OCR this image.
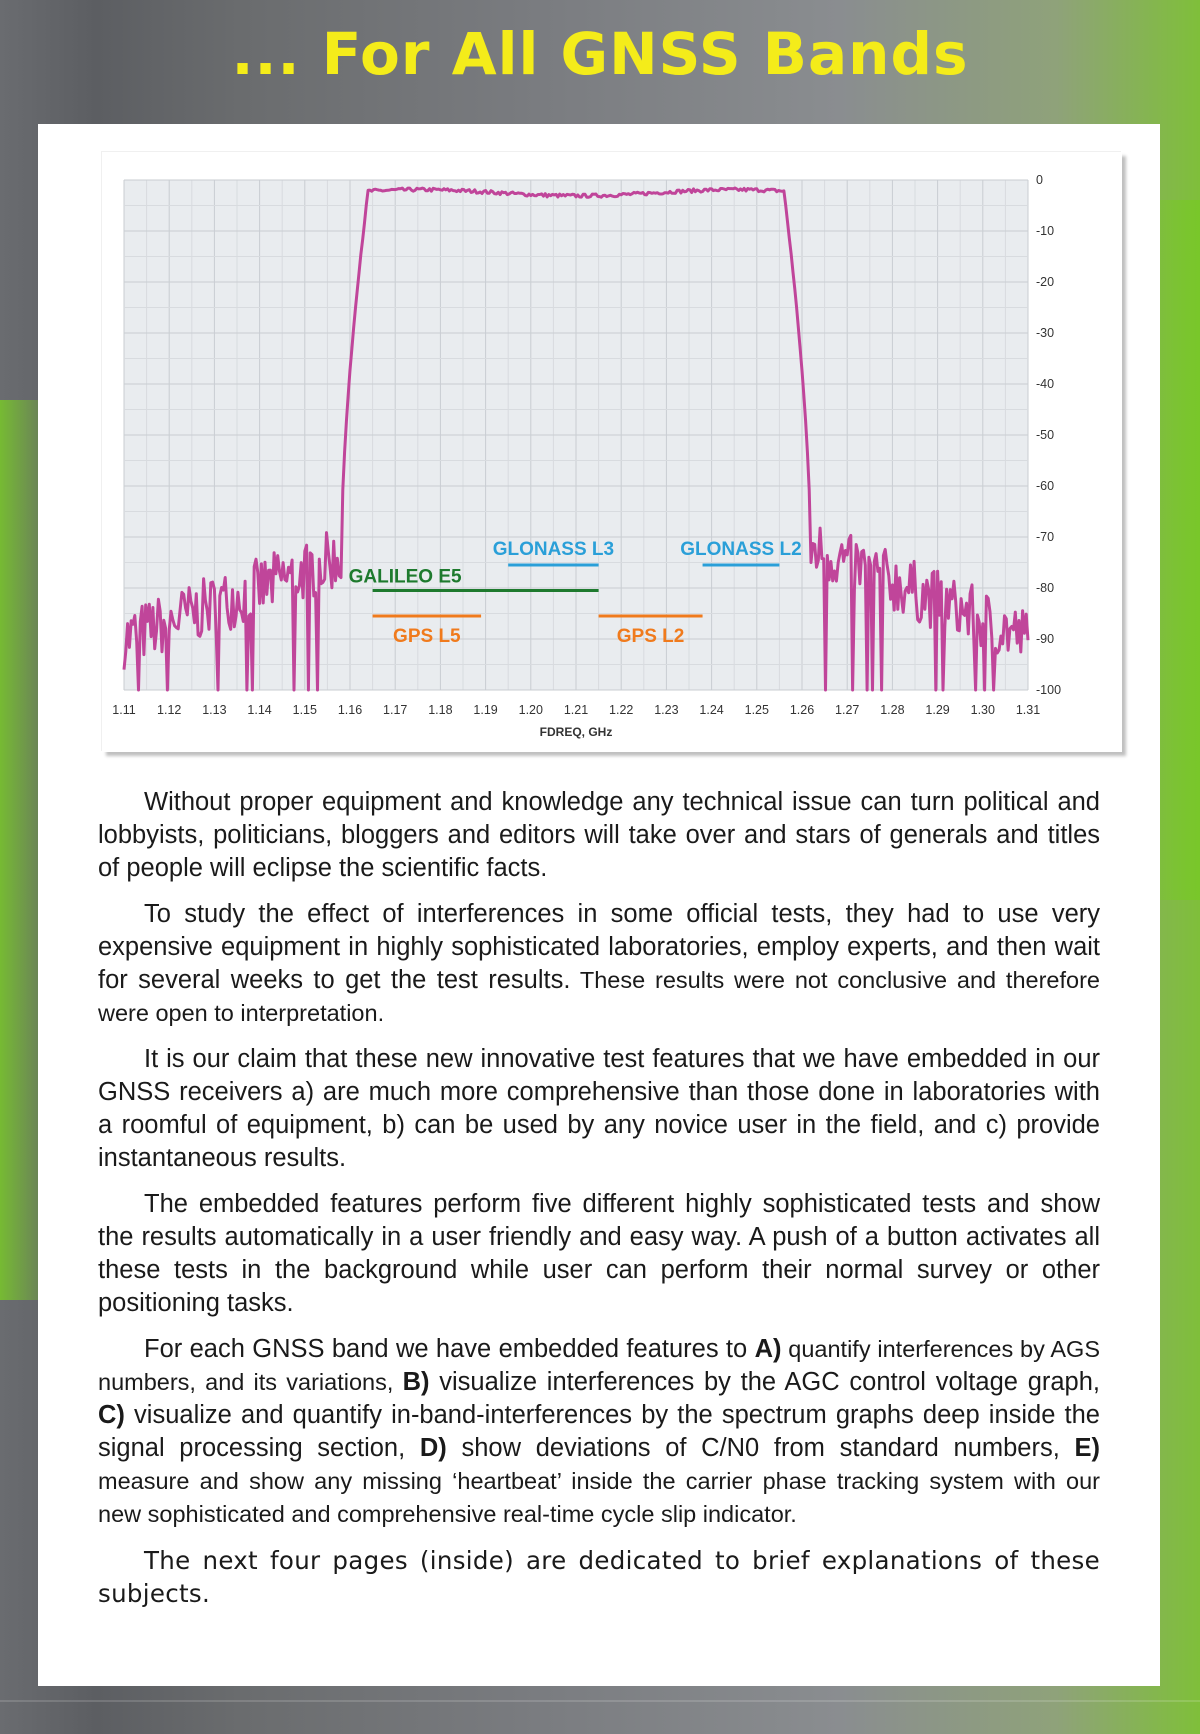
... For All GNSS Bands
1.11 1.12 1.13 1.14 1.15 1.16 1.17 1.18 1.19 1.20 1.21 1.22 1.23 1.24 1.25 1.26 1.27 1.28 1.29 1.30 1.31
0
-10
-20
-30
-40
-50
-60
-70
-80
-90
-100
GLONASS L3	GLONASS L2
GALILEO E5
GPS L5	GPS L2
FDREQ, GHz

Without proper equipment and knowledge any technical issue can turn political and lobbyists, politicians, bloggers and editors will take over and stars of generals and titles of people will eclipse the scientific facts.

To study the effect of interferences in some official tests, they had to use very expensive equipment in highly sophisticated laboratories, employ experts, and then wait for several weeks to get the test results. These results were not conclusive and therefore were open to interpretation.

It is our claim that these new innovative test features that we have embedded in our GNSS receivers a) are much more comprehensive than those done in laboratories with a roomful of equipment, b) can be used by any novice user in the field, and c) provide instantaneous results.

The embedded features perform five different highly sophisticated tests and show the results automatically in a user friendly and easy way. A push of a button activates all these tests in the background while user can perform their normal survey or other positioning tasks.

For each GNSS band we have embedded features to A) quantify interferences by AGS numbers, and its variations, B) visualize interferences by the AGC control voltage graph, C) visualize and quantify in-band-interferences by the spectrum graphs deep inside the signal processing section, D) show deviations of C/N0 from standard numbers, E) measure and show any missing ‘heartbeat’ inside the carrier phase tracking system with our new sophisticated and comprehensive real-time cycle slip indicator.

The next four pages (inside) are dedicated to brief explanations of these subjects.
